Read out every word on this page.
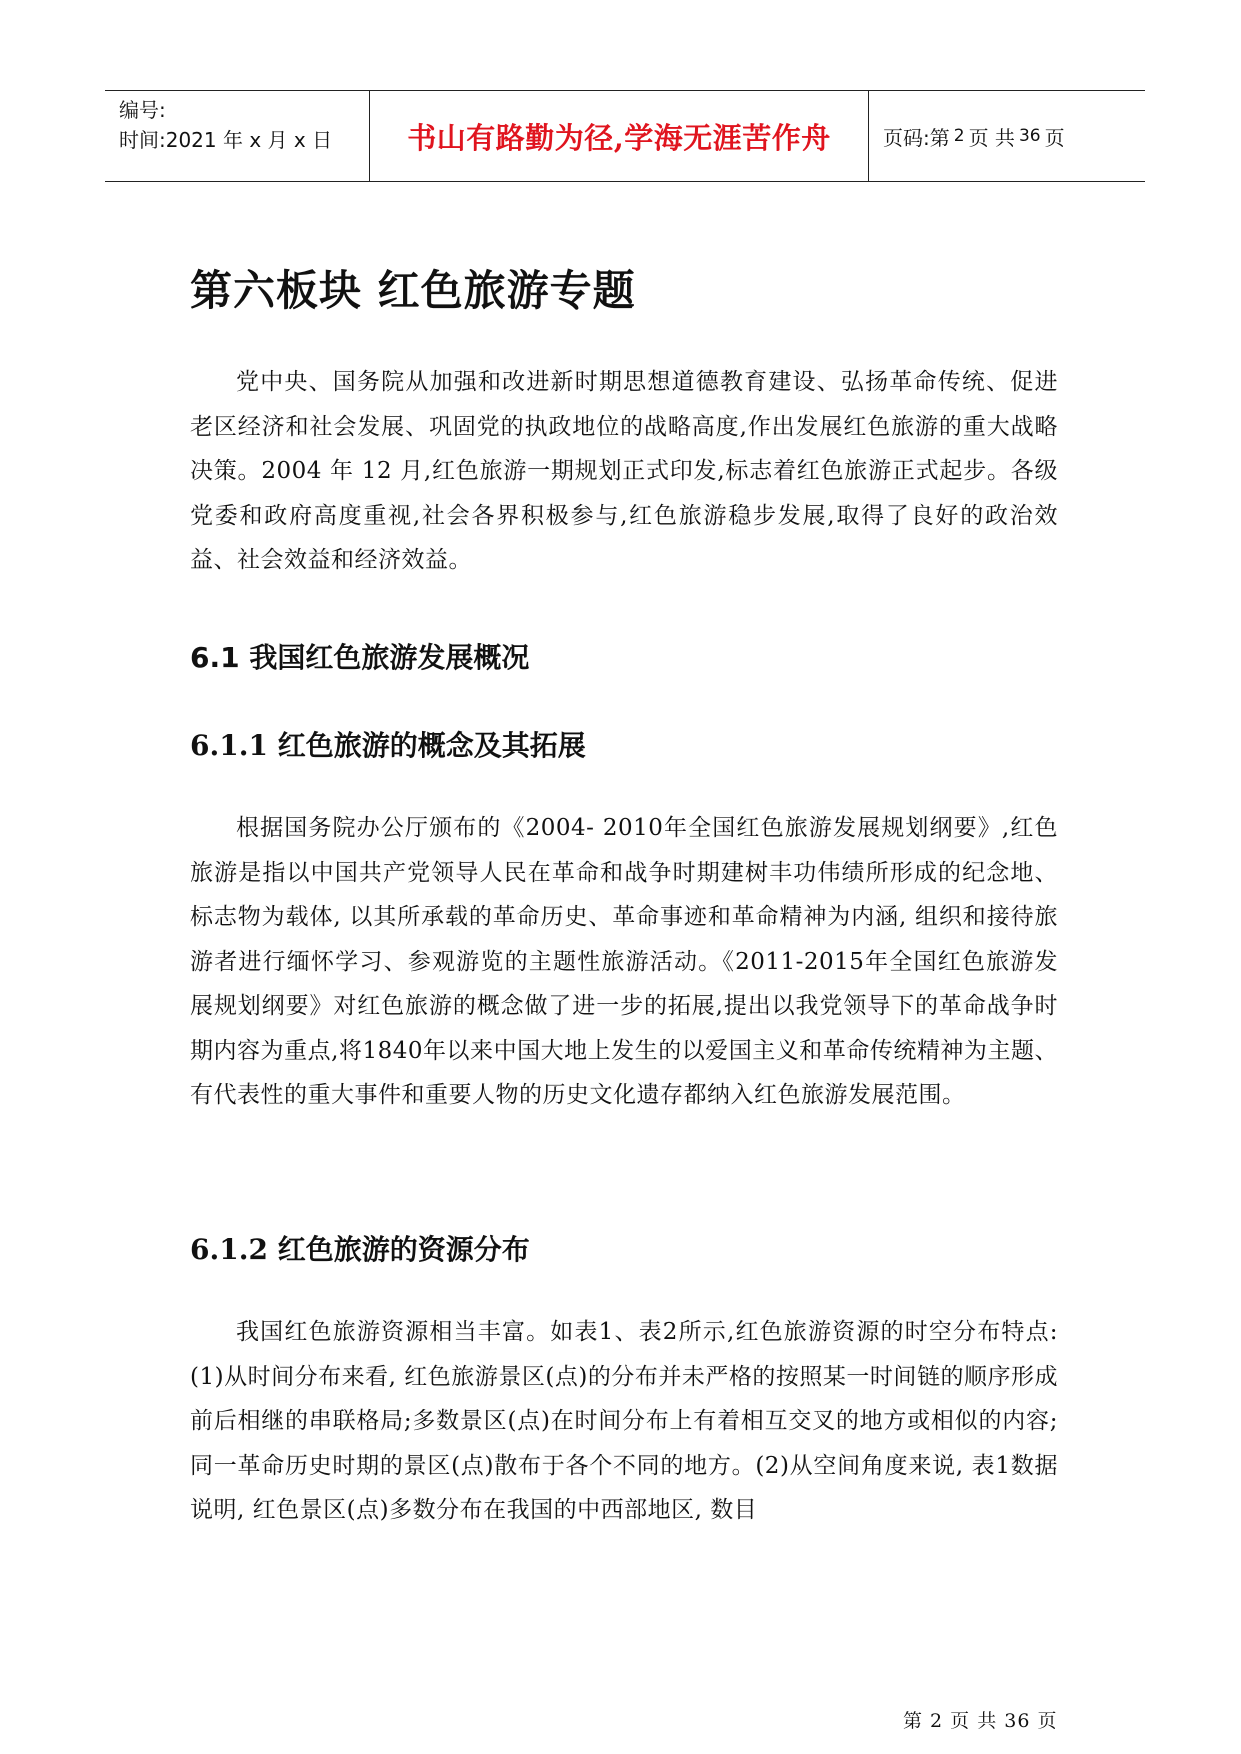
编号:
时间:2021 年 x 月 x 日	书山有路勤为径,学海无涯苦作舟	页码:第 2 页 共 36 页
第六板块 红色旅游专题

党中央、国务院从加强和改进新时期思想道德教育建设、弘扬革命传统、促进老区经济和社会发展、巩固党的执政地位的战略高度,作出发展红色旅游的重大战略决策。2004 年 12 月,红色旅游一期规划正式印发,标志着红色旅游正式起步。各级党委和政府高度重视,社会各界积极参与,红色旅游稳步发展,取得了良好的政治效益、社会效益和经济效益。

6.1 我国红色旅游发展概况
6.1.1 红色旅游的概念及其拓展

根据国务院办公厅颁布的《2004- 2010年全国红色旅游发展规划纲要》,红色旅游是指以中国共产党领导人民在革命和战争时期建树丰功伟绩所形成的纪念地、标志物为载体, 以其所承载的革命历史、革命事迹和革命精神为内涵, 组织和接待旅游者进行缅怀学习、参观游览的主题性旅游活动。《2011-2015年全国红色旅游发展规划纲要》对红色旅游的概念做了进一步的拓展,提出以我党领导下的革命战争时期内容为重点,将1840年以来中国大地上发生的以爱国主义和革命传统精神为主题、有代表性的重大事件和重要人物的历史文化遗存都纳入红色旅游发展范围。

6.1.2 红色旅游的资源分布

我国红色旅游资源相当丰富。如表1、表2所示,红色旅游资源的时空分布特点: (1)从时间分布来看, 红色旅游景区(点)的分布并未严格的按照某一时间链的顺序形成前后相继的串联格局;多数景区(点)在时间分布上有着相互交叉的地方或相似的内容;同一革命历史时期的景区(点)散布于各个不同的地方。(2)从空间角度来说, 表1数据说明, 红色景区(点)多数分布在我国的中西部地区, 数目

第 2 页 共 36 页
